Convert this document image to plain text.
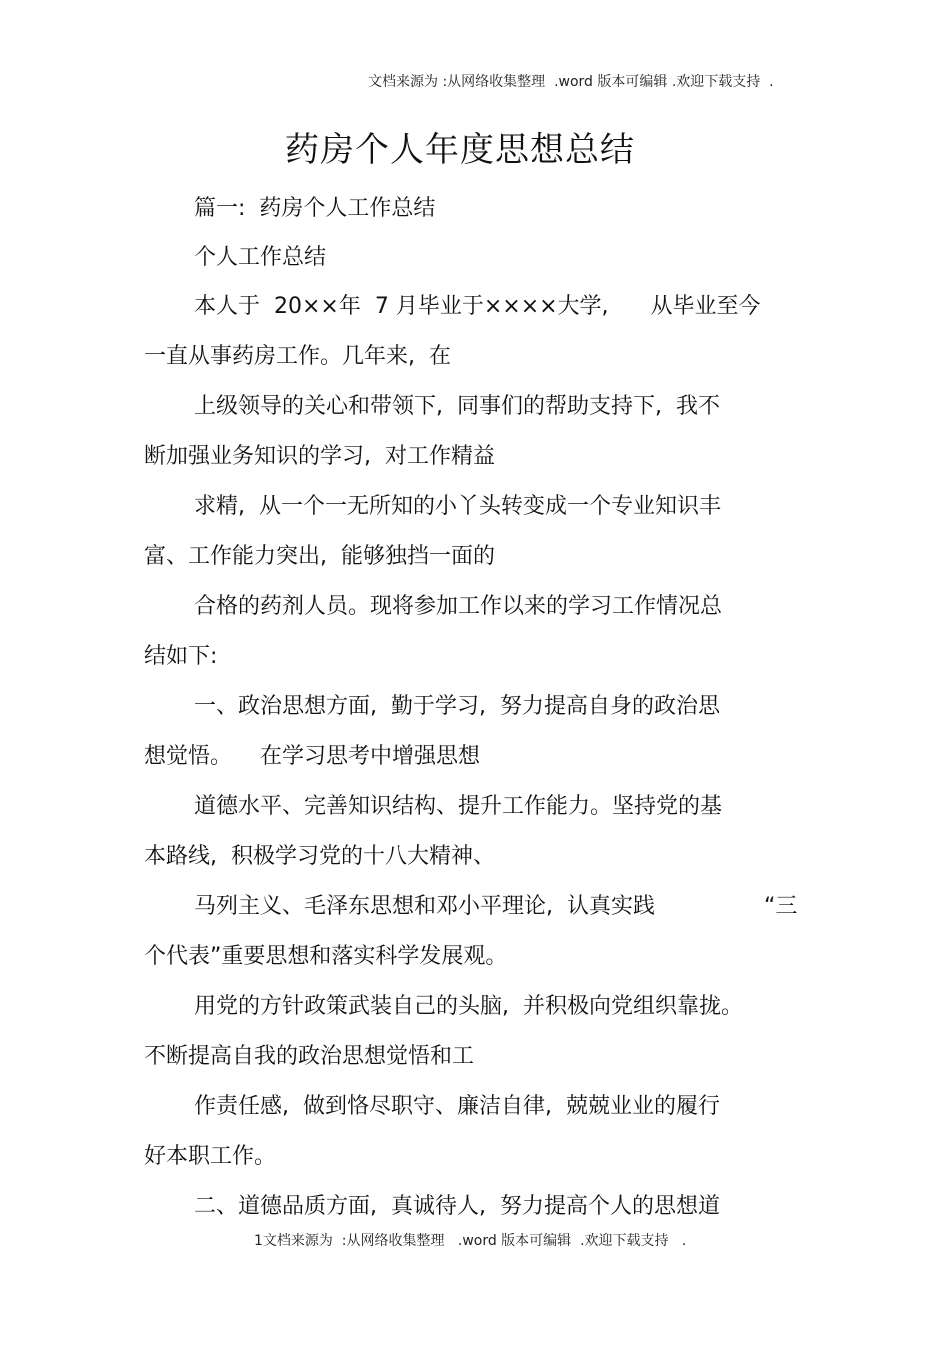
文档来源为 :从网络收集整理  .word 版本可编辑 .欢迎下载支持  .
药房个人年度思想总结
篇一:  药房个人工作总结
个人工作总结
本人于  20××年  7 月毕业于××××大学,      从毕业至今
一直从事药房工作。几年来,  在
上级领导的关心和带领下,  同事们的帮助支持下,  我不
断加强业务知识的学习,  对工作精益
求精,  从一个一无所知的小丫头转变成一个专业知识丰
富、工作能力突出,  能够独挡一面的
合格的药剂人员。现将参加工作以来的学习工作情况总
结如下:
一、政治思想方面,  勤于学习,  努力提高自身的政治思
想觉悟。    在学习思考中增强思想
道德水平、完善知识结构、提升工作能力。坚持党的基
本路线,  积极学习党的十八大精神、
马列主义、毛泽东思想和邓小平理论,  认真实践	“三
个代表”重要思想和落实科学发展观。
用党的方针政策武装自己的头脑,  并积极向党组织靠拢。
不断提高自我的政治思想觉悟和工
作责任感,  做到恪尽职守、廉洁自律,  兢兢业业的履行
好本职工作。
二、道德品质方面,  真诚待人,  努力提高个人的思想道
1文档来源为  :从网络收集整理   .word 版本可编辑  .欢迎下载支持   .
